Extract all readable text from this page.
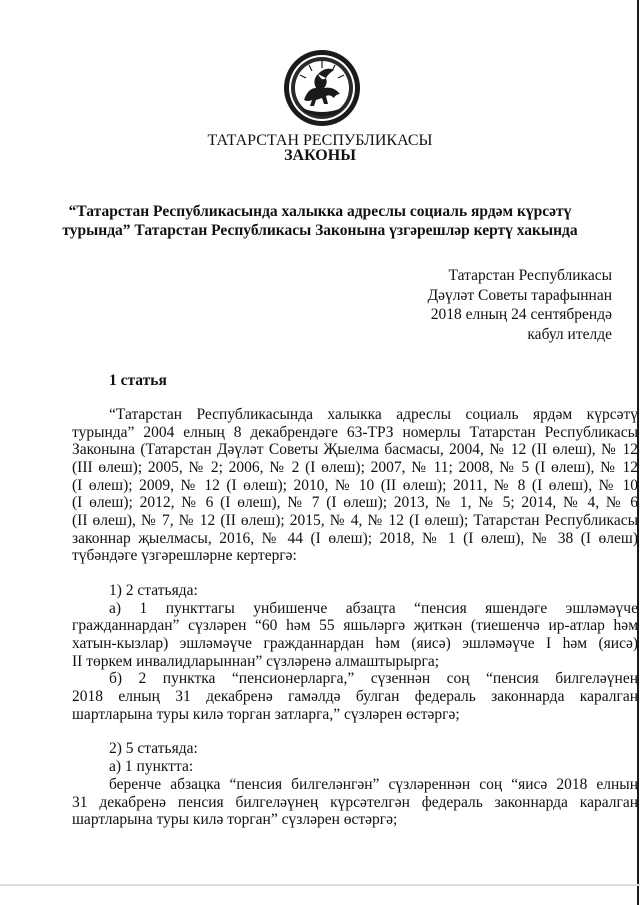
ТАТАРСТАН РЕСПУБЛИКАСЫ
ЗАКОНЫ
“Татарстан Республикасында халыкка адреслы социаль ярдәм күрсәтү
турында” Татарстан Республикасы Законына үзгәрешләр кертү хакында
Татарстан Республикасы
Дәүләт Советы тарафыннан
2018 елның 24 сентябрендә
кабул ителде
1 статья
“Татарстан Республикасында халыкка адреслы социаль ярдәм күрсәтү
турында” 2004 елның 8 декабрендәге 63-ТРЗ номерлы Татарстан Республикасы
Законына (Татарстан Дәүләт Советы Җыелма басмасы, 2004, № 12 (II өлеш), № 12
(III өлеш); 2005, № 2; 2006, № 2 (I өлеш); 2007, № 11; 2008, № 5 (I өлеш), № 12
(I өлеш); 2009, № 12 (I өлеш); 2010, № 10 (II өлеш); 2011, № 8 (I өлеш), № 10
(I өлеш); 2012, № 6 (I өлеш), № 7 (I өлеш); 2013, № 1, № 5; 2014, № 4, № 6
(II өлеш), № 7, № 12 (II өлеш); 2015, № 4, № 12 (I өлеш); Татарстан Республикасы
законнар җыелмасы, 2016, № 44 (I өлеш); 2018, № 1 (I өлеш), № 38 (I өлеш)
түбәндәге үзгәрешләрне кертергә:
1) 2 статьяда:
а) 1 пункттагы унбишенче абзацта “пенсия яшендәге эшләмәүче
гражданнардан” сүзләрен “60 һәм 55 яшьләргә җиткән (тиешенчә ир-атлар һәм
хатын-кызлар) эшләмәүче гражданнардан һәм (яисә) эшләмәүче I һәм (яисә)
II төркем инвалидларыннан” сүзләренә алмаштырырга;
б) 2 пунктка “пенсионерларга,” сүзеннән соң “пенсия билгеләүнең
2018 елның 31 декабренә гамәлдә булган федераль законнарда каралган
шартларына туры килә торган затларга,” сүзләрен өстәргә;
2) 5 статьяда:
а) 1 пунктта:
беренче абзацка “пенсия билгеләнгән” сүзләреннән соң “яисә 2018 елның
31 декабренә пенсия билгеләүнең күрсәтелгән федераль законнарда каралган
шартларына туры килә торган” сүзләрен өстәргә;
